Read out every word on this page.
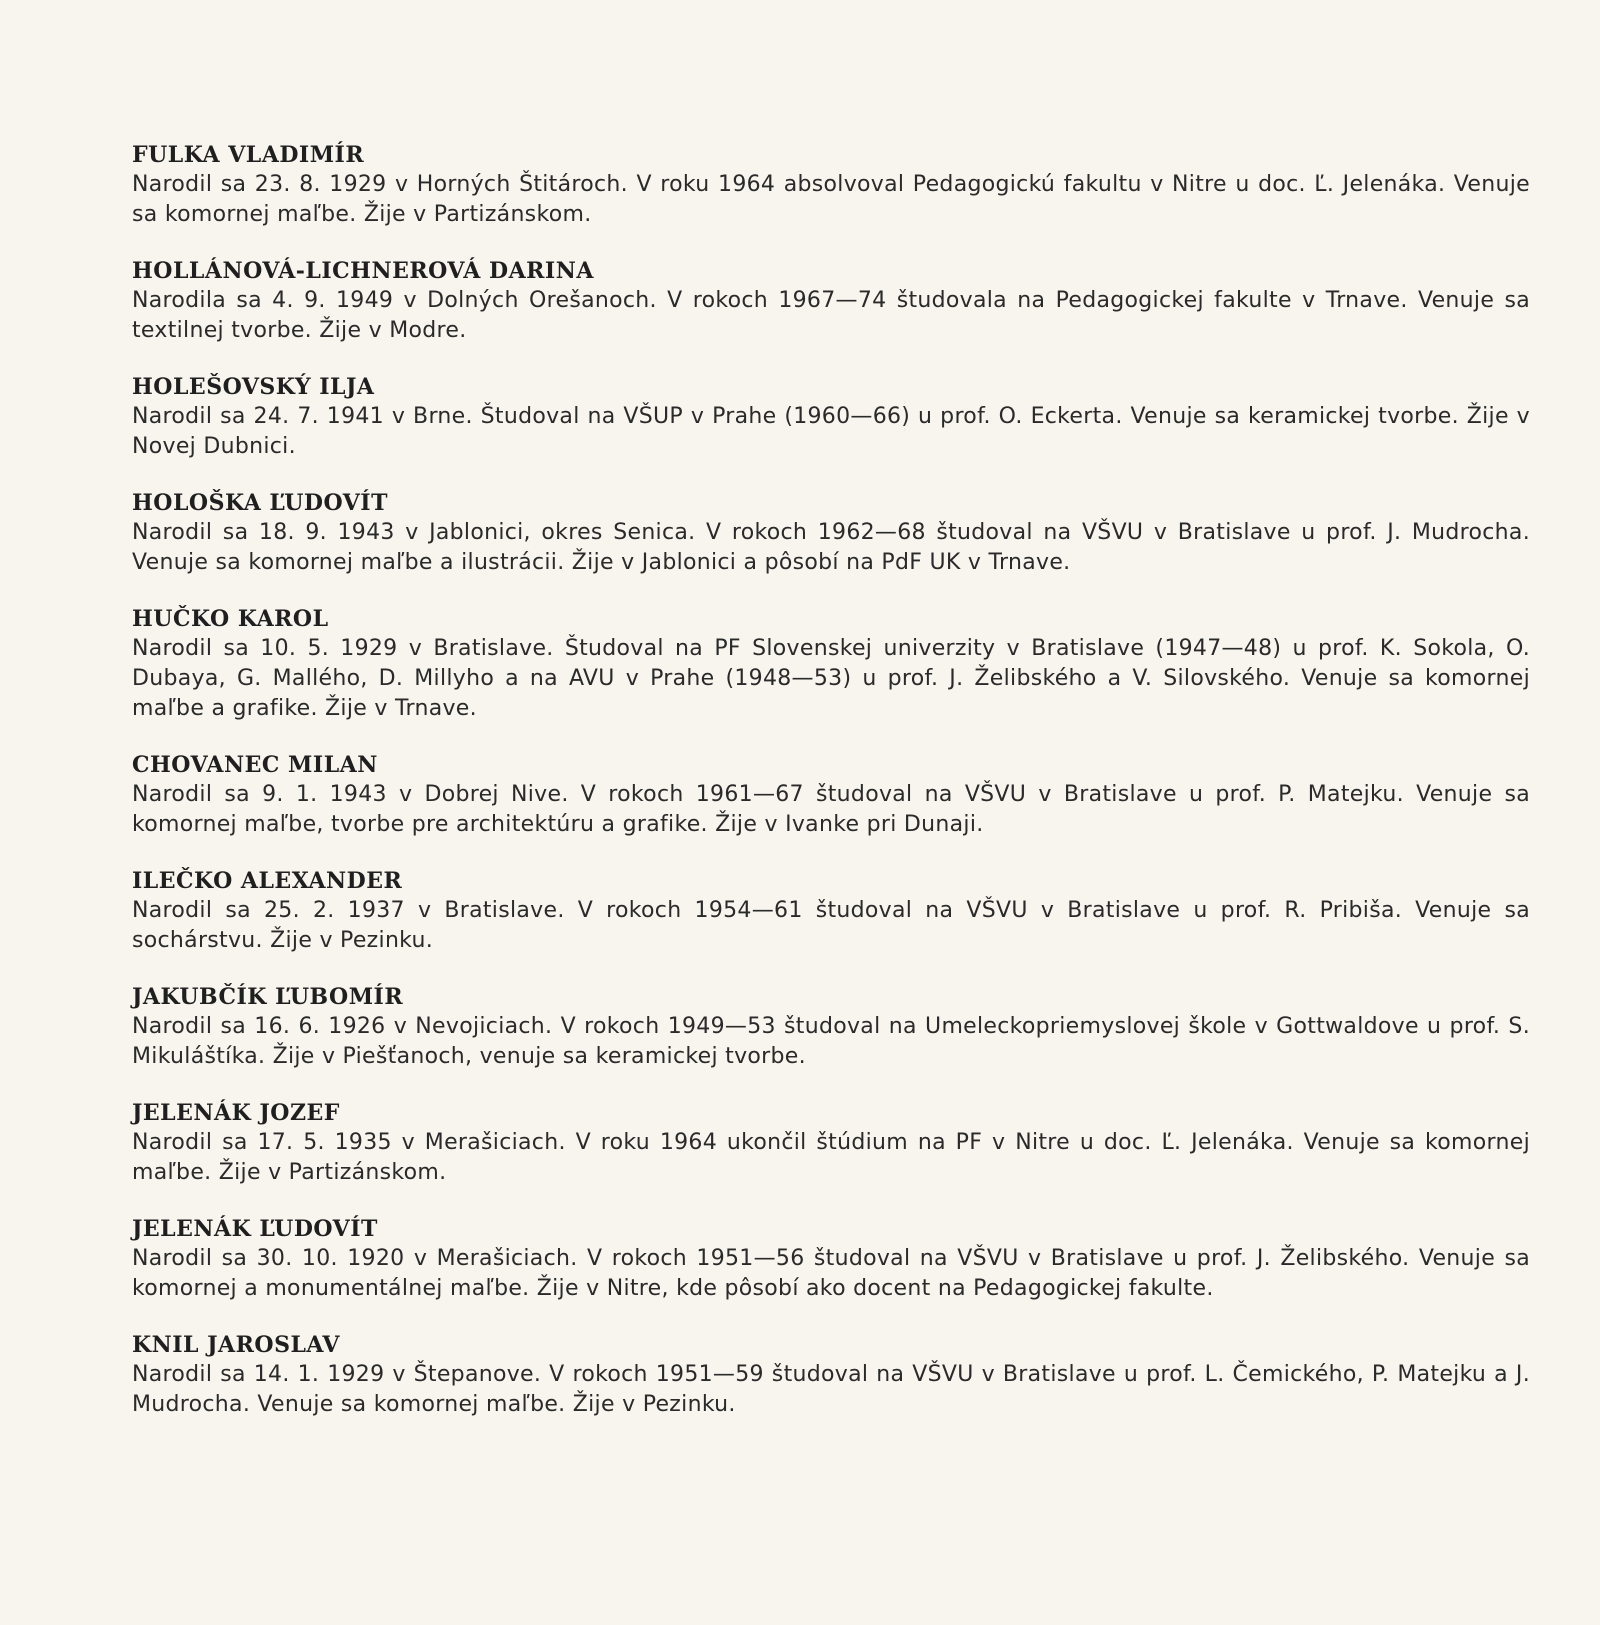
FULKA VLADIMÍR

Narodil sa 23. 8. 1929 v Horných Štitároch. V roku 1964 absolvoval Pedagogickú fakultu v Nitre u doc. Ľ. Jelenáka. Venuje sa komornej maľbe. Žije v Partizánskom.

HOLLÁNOVÁ-LICHNEROVÁ DARINA

Narodila sa 4. 9. 1949 v Dolných Orešanoch. V rokoch 1967—74 študovala na Pedagogickej fakulte v Trnave. Venuje sa textilnej tvorbe. Žije v Modre.

HOLEŠOVSKÝ ILJA

Narodil sa 24. 7. 1941 v Brne. Študoval na VŠUP v Prahe (1960—66) u prof. O. Eckerta. Venuje sa keramickej tvorbe. Žije v Novej Dubnici.

HOLOŠKA ĽUDOVÍT

Narodil sa 18. 9. 1943 v Jablonici, okres Senica. V rokoch 1962—68 študoval na VŠVU v Bratislave u prof. J. Mudrocha. Venuje sa komornej maľbe a ilustrácii. Žije v Jablonici a pôsobí na PdF UK v Trnave.

HUČKO KAROL

Narodil sa 10. 5. 1929 v Bratislave. Študoval na PF Slovenskej univerzity v Bratislave (1947—48) u prof. K. Sokola, O. Dubaya, G. Mallého, D. Millyho a na AVU v Prahe (1948—53) u prof. J. Želibského a V. Silovského. Venuje sa komornej maľbe a grafike. Žije v Trnave.

CHOVANEC MILAN

Narodil sa 9. 1. 1943 v Dobrej Nive. V rokoch 1961—67 študoval na VŠVU v Bratislave u prof. P. Matejku. Venuje sa komornej maľbe, tvorbe pre architektúru a grafike. Žije v Ivanke pri Dunaji.

ILEČKO ALEXANDER

Narodil sa 25. 2. 1937 v Bratislave. V rokoch 1954—61 študoval na VŠVU v Bratislave u prof. R. Pribiša. Venuje sa sochárstvu. Žije v Pezinku.

JAKUBČÍK ĽUBOMÍR

Narodil sa 16. 6. 1926 v Nevojiciach. V rokoch 1949—53 študoval na Umeleckopriemyslovej škole v Gottwaldove u prof. S. Mikuláštíka. Žije v Piešťanoch, venuje sa keramickej tvorbe.

JELENÁK JOZEF

Narodil sa 17. 5. 1935 v Merašiciach. V roku 1964 ukončil štúdium na PF v Nitre u doc. Ľ. Jelenáka. Venuje sa komornej maľbe. Žije v Partizánskom.

JELENÁK ĽUDOVÍT

Narodil sa 30. 10. 1920 v Merašiciach. V rokoch 1951—56 študoval na VŠVU v Bratislave u prof. J. Želibského. Venuje sa komornej a monumentálnej maľbe. Žije v Nitre, kde pôsobí ako docent na Pedagogickej fakulte.

KNIL JAROSLAV

Narodil sa 14. 1. 1929 v Štepanove. V rokoch 1951—59 študoval na VŠVU v Bratislave u prof. L. Čemického, P. Matejku a J. Mudrocha. Venuje sa komornej maľbe. Žije v Pezinku.
